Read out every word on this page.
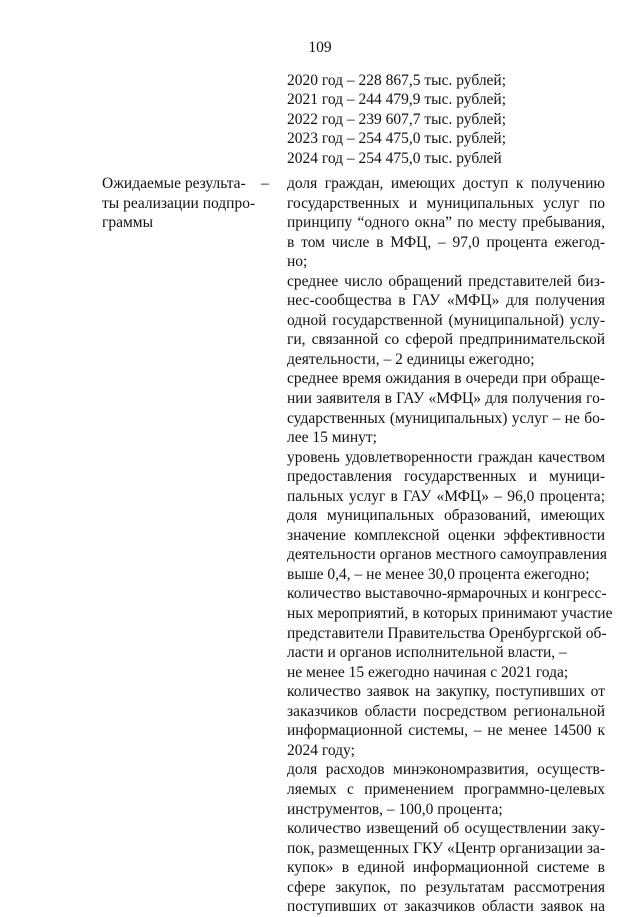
109
2020 год – 228 867,5 тыс. рублей;
2021 год – 244 479,9 тыс. рублей;
2022 год – 239 607,7 тыс. рублей;
2023 год – 254 475,0 тыс. рублей;
2024 год – 254 475,0 тыс. рублей
Ожидаемые результа-
ты реализации подпро-
граммы
– доля граждан, имеющих доступ к получению
государственных и муниципальных услуг по
принципу “одного окна” по месту пребывания,
в том числе в МФЦ, – 97,0 процента ежегод-
но;
среднее число обращений представителей биз-
нес-сообщества в ГАУ «МФЦ» для получения
одной государственной (муниципальной) услу-
ги, связанной со сферой предпринимательской
деятельности, – 2 единицы ежегодно;
среднее время ожидания в очереди при обраще-
нии заявителя в ГАУ «МФЦ» для получения го-
сударственных (муниципальных) услуг – не бо-
лее 15 минут;
уровень удовлетворенности граждан качеством
предоставления государственных и муници-
пальных услуг в ГАУ «МФЦ» – 96,0 процента;
доля муниципальных образований, имеющих
значение комплексной оценки эффективности
деятельности органов местного самоуправления
выше 0,4, – не менее 30,0 процента ежегодно;
количество выставочно-ярмарочных и конгресс-
ных мероприятий, в которых принимают участие
представители Правительства Оренбургской об-
ласти и органов исполнительной власти, –
не менее 15 ежегодно начиная с 2021 года;
количество заявок на закупку, поступивших от
заказчиков области посредством региональной
информационной системы, – не менее 14500 к
2024 году;
доля расходов минэкономразвития, осуществ-
ляемых с применением программно-целевых
инструментов, – 100,0 процента;
количество извещений об осуществлении заку-
пок, размещенных ГКУ «Центр организации за-
купок» в единой информационной системе в
сфере закупок, по результатам рассмотрения
поступивших от заказчиков области заявок на
